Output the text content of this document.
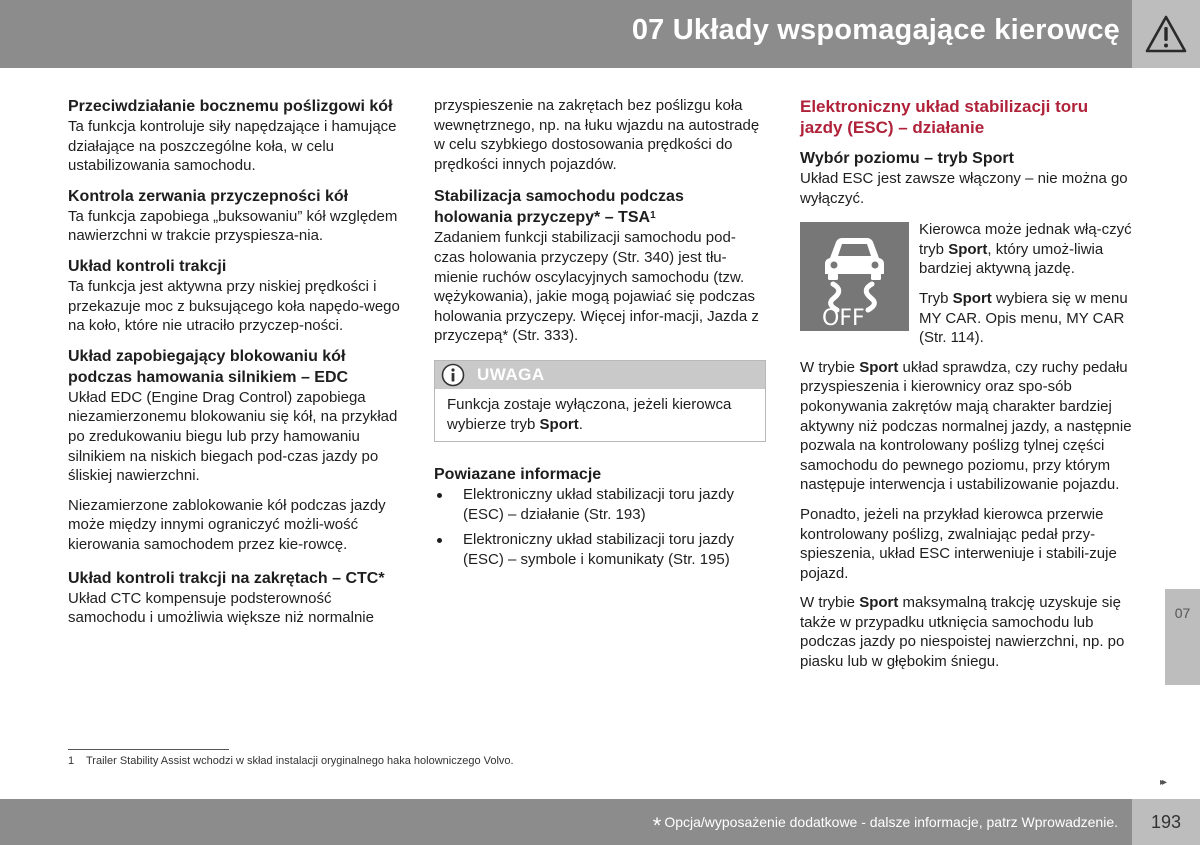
07 Układy wspomagające kierowcę
Przeciwdziałanie bocznemu poślizgowi kół

Ta funkcja kontroluje siły napędzające i hamujące działające na poszczególne koła, w celu ustabilizowania samochodu.

Kontrola zerwania przyczepności kół

Ta funkcja zapobiega „buksowaniu” kół względem nawierzchni w trakcie przyspiesza-nia.

Układ kontroli trakcji

Ta funkcja jest aktywna przy niskiej prędkości i przekazuje moc z buksującego koła napędo-wego na koło, które nie utraciło przyczep-ności.

Układ zapobiegający blokowaniu kół podczas hamowania silnikiem – EDC

Układ EDC (Engine Drag Control) zapobiega niezamierzonemu blokowaniu się kół, na przykład po zredukowaniu biegu lub przy hamowaniu silnikiem na niskich biegach pod-czas jazdy po śliskiej nawierzchni.

Niezamierzone zablokowanie kół podczas jazdy może między innymi ograniczyć możli-wość kierowania samochodem przez kie-rowcę.

Układ kontroli trakcji na zakrętach – CTC*

Układ CTC kompensuje podsterowność samochodu i umożliwia większe niż normalnie

przyspieszenie na zakrętach bez poślizgu koła wewnętrznego, np. na łuku wjazdu na autostradę w celu szybkiego dostosowania prędkości do prędkości innych pojazdów.

Stabilizacja samochodu podczas holowania przyczepy* – TSA$^1$

Zadaniem funkcji stabilizacji samochodu pod-czas holowania przyczepy (Str. 340) jest tłu-mienie ruchów oscylacyjnych samochodu (tzw. wężykowania), jakie mogą pojawiać się podczas holowania przyczepy. Więcej infor-macji, Jazda z przyczepą* (Str. 333).

UWAGA
Funkcja zostaje wyłączona, jeżeli kierowca wybierze tryb Sport.
Powiazane informacje
Elektroniczny układ stabilizacji toru jazdy (ESC) – działanie (Str. 193)
Elektroniczny układ stabilizacji toru jazdy (ESC) – symbole i komunikaty (Str. 195)
Elektroniczny układ stabilizacji toru jazdy (ESC) – działanie
Wybór poziomu – tryb Sport

Układ ESC jest zawsze włączony – nie można go wyłączyć.

OFF

Kierowca może jednak włą-czyć tryb Sport, który umoż-liwia bardziej aktywną jazdę.

Tryb Sport wybiera się w menu MY CAR. Opis menu, MY CAR (Str. 114).

W trybie Sport układ sprawdza, czy ruchy pedału przyspieszenia i kierownicy oraz spo-sób pokonywania zakrętów mają charakter bardziej aktywny niż podczas normalnej jazdy, a następnie pozwala na kontrolowany poślizg tylnej części samochodu do pewnego poziomu, przy którym następuje interwencja i ustabilizowanie pojazdu.

Ponadto, jeżeli na przykład kierowca przerwie kontrolowany poślizg, zwalniając pedał przy-spieszenia, układ ESC interweniuje i stabili-zuje pojazd.

W trybie Sport maksymalną trakcję uzyskuje się także w przypadku utknięcia samochodu lub podczas jazdy po niespoistej nawierzchni, np. po piasku lub w głębokim śniegu.

07
1 Trailer Stability Assist wchodzi w skład instalacji oryginalnego haka holowniczego Volvo.
▸▸
* Opcja/wyposażenie dodatkowe - dalsze informacje, patrz Wprowadzenie.	193
